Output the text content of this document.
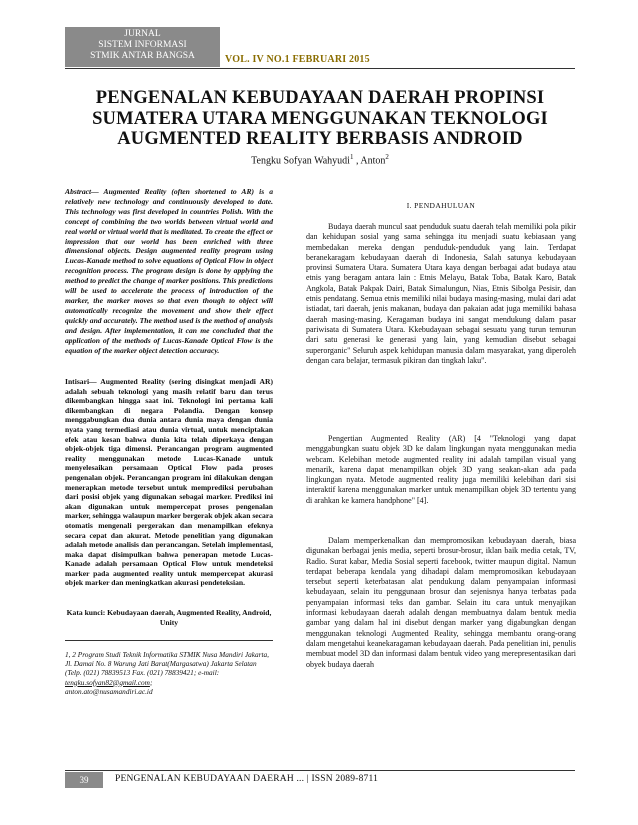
JURNAL
SISTEM INFORMASI
STMIK ANTAR BANGSA	VOL. IV NO.1 FEBRUARI 2015
PENGENALAN KEBUDAYAAN DAERAH PROPINSI
SUMATERA UTARA MENGGUNAKAN TEKNOLOGI
AUGMENTED REALITY BERBASIS ANDROID
Tengku Sofyan Wahyudi$^1$ , Anton$^2$
Abstract— Augmented Reality (often shortened to AR) is a relatively new technology and continuously developed to date. This technology was first developed in countries Polish. With the concept of combining the two worlds between virtual world and real world or virtual world that is meditated. To create the effect or impression that our world has been enriched with three dimensional objects. Design augmented reality program using Lucas-Kanade method to solve equations of Optical Flow in object recognition process. The program design is done by applying the method to predict the change of marker positions. This predictions will be used to accelerate the process of introduction of the marker, the marker moves so that even though to object will automatically recognize the movement and show their effect quickly and accurately. The method used is the method of analysis and design. After implementation, it can me concluded that the application of the methods of Lucas-Kanade Optical Flow is the equation of the marker object detection accuracy.
Intisari— Augmented Reality (sering disingkat menjadi AR) adalah sebuah teknologi yang masih relatif baru dan terus dikembangkan hingga saat ini. Teknologi ini pertama kali dikembangkan di negara Polandia. Dengan konsep menggabungkan dua dunia antara dunia maya dengan dunia nyata yang termediasi atau dunia virtual, untuk menciptakan efek atau kesan bahwa dunia kita telah diperkaya dengan objek-objek tiga dimensi. Perancangan program augmented reality menggunakan metode Lucas-Kanade untuk menyelesaikan persamaan Optical Flow pada proses pengenalan objek. Perancangan program ini dilakukan dengan menerapkan metode tersebut untuk memprediksi perubahan dari posisi objek yang digunakan sebagai marker. Prediksi ini akan digunakan untuk mempercepat proses pengenalan marker, sehingga walaupun marker bergerak objek akan secara otomatis mengenali pergerakan dan menampilkan efeknya secara cepat dan akurat. Metode penelitian yang digunakan adalah metode analisis dan perancangan. Setelah implementasi, maka dapat disimpulkan bahwa penerapan metode Lucas-Kanade adalah persamaan Optical Flow untuk mendeteksi marker pada augmented reality untuk mempercepat akurasi objek marker dan meningkatkan akurasi pendeteksian.
Kata kunci: Kebudayaan daerah, Augmented Reality, Android, Unity
1, 2 Program Studi Teknik Informatika STMIK Nusa Mandiri Jakarta, Jl. Damai No. 8 Warung Jati Barat(Margasatwa) Jakarta Selatan (Telp. (021) 78839513 Fax. (021) 78839421; e-mail: tengku.sofyan82@gmail.com;
anton.ato@nusamandiri.ac.id
I. PENDAHULUAN
Budaya daerah muncul saat penduduk suatu daerah telah memiliki pola pikir dan kehidupan sosial yang sama sehingga itu menjadi suatu kebiasaan yang membedakan mereka dengan penduduk-penduduk yang lain. Terdapat beranekaragam kebudayaan daerah di Indonesia, Salah satunya kebudayaan provinsi Sumatera Utara. Sumatera Utara kaya dengan berbagai adat budaya atau etnis yang beragam antara lain : Etnis Melayu, Batak Toba, Batak Karo, Batak Angkola, Batak Pakpak Dairi, Batak Simalungun, Nias, Etnis Sibolga Pesisir, dan etnis pendatang. Semua etnis memiliki nilai budaya masing-masing, mulai dari adat istiadat, tari daerah, jenis makanan, budaya dan pakaian adat juga memiliki bahasa daerah masing-masing. Keragaman budaya ini sangat mendukung dalam pasar pariwisata di Sumatera Utara. Kkebudayaan sebagai sesuatu yang turun temurun dari satu generasi ke generasi yang lain, yang kemudian disebut sebagai superorganic" Seluruh aspek kehidupan manusia dalam masyarakat, yang diperoleh dengan cara belajar, termasuk pikiran dan tingkah laku".
Pengertian Augmented Reality (AR) [4 "Teknologi yang dapat menggabungkan suatu objek 3D ke dalam lingkungan nyata menggunakan media webcam. Kelebihan metode augmented reality ini adalah tampilan visual yang menarik, karena dapat menampilkan objek 3D yang seakan-akan ada pada lingkungan nyata. Metode augmented reality juga memiliki kelebihan dari sisi interaktif karena menggunakan marker untuk menampilkan objek 3D tertentu yang di arahkan ke kamera handphone" [4].
Dalam memperkenalkan dan mempromosikan kebudayaan daerah, biasa digunakan berbagai jenis media, seperti brosur-brosur, iklan baik media cetak, TV, Radio. Surat kabar, Media Sosial seperti facebook, twitter maupun digital. Namun terdapat beberapa kendala yang dihadapi dalam mempromosikan kebudayaan tersebut seperti keterbatasan alat pendukung dalam penyampaian informasi kebudayaan, selain itu penggunaan brosur dan sejenisnya hanya terbatas pada penyampaian informasi teks dan gambar. Selain itu cara untuk menyajikan informasi kebudayaan daerah adalah dengan membuatnya dalam bentuk media gambar yang dalam hal ini disebut dengan marker yang digabungkan dengan menggunakan teknologi Augmented Reality, sehingga membantu orang-orang dalam mengetahui keanekaragaman kebudayaan daerah. Pada penelitian ini, penulis membuat model 3D dan informasi dalam bentuk video yang merepresentasikan dari obyek budaya daerah
39	PENGENALAN KEBUDAYAAN DAERAH ... | ISSN 2089-8711
